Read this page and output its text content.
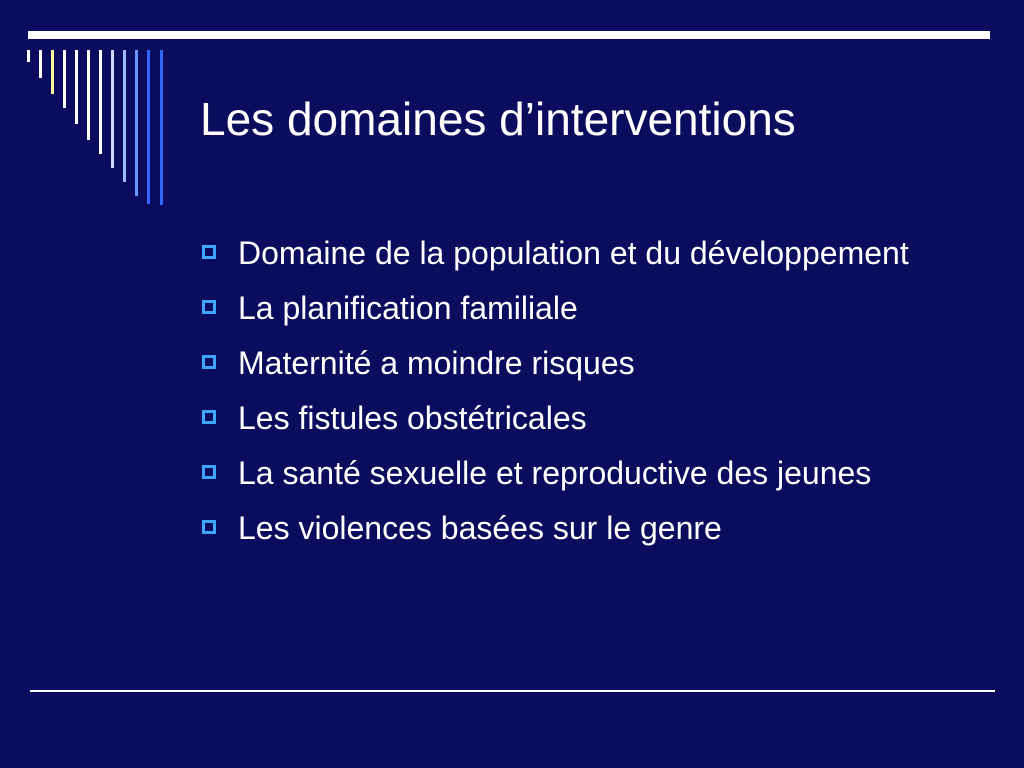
Les domaines d’interventions
Domaine de la population et du développement
La planification familiale
Maternité a moindre risques
Les fistules obstétricales
La santé sexuelle et reproductive des jeunes
Les violences basées sur le genre
